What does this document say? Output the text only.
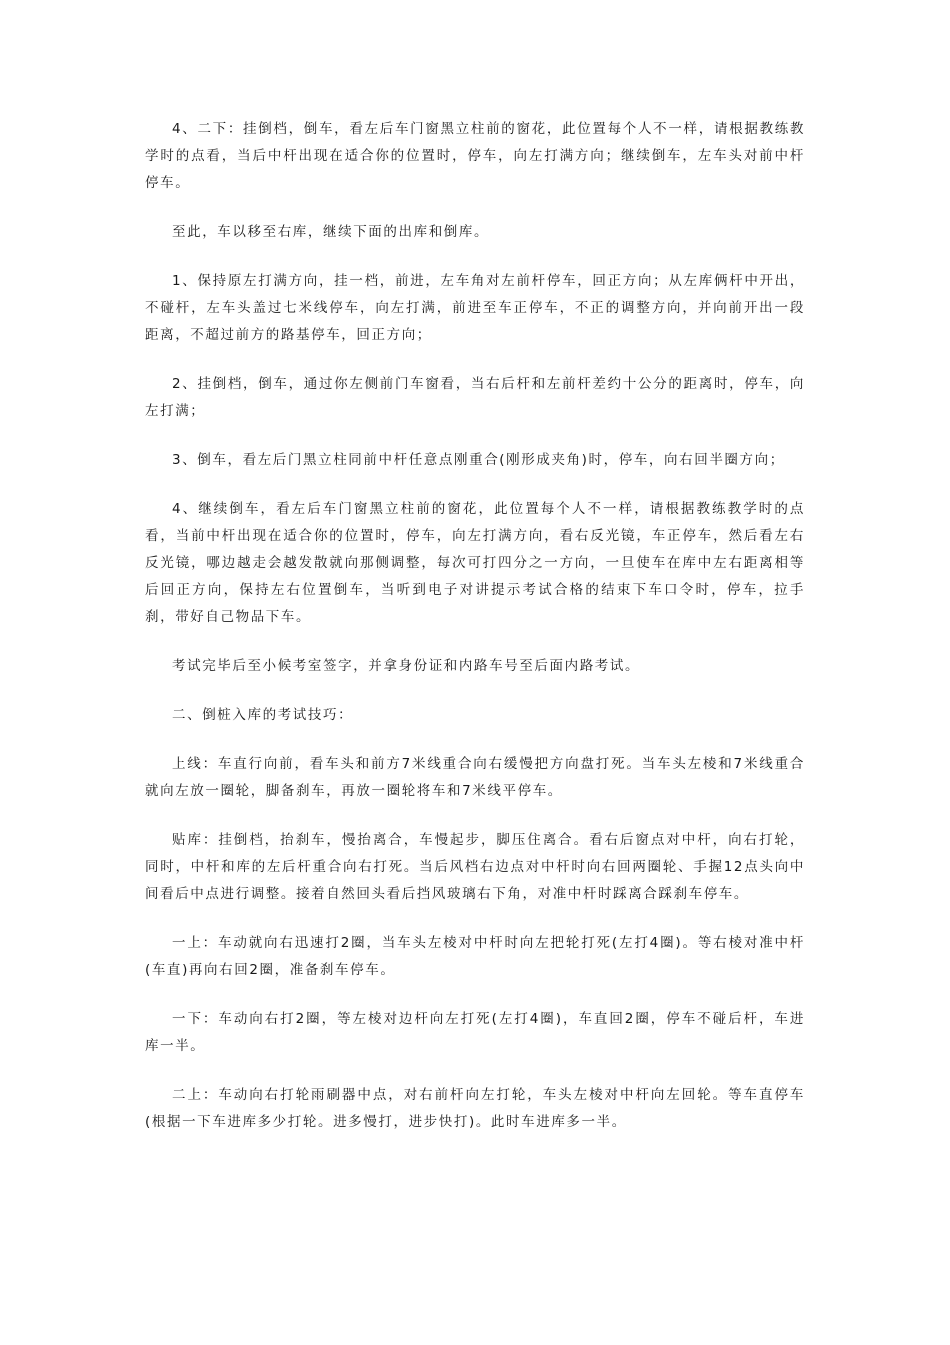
4、二下：挂倒档，倒车，看左后车门窗黑立柱前的窗花，此位置每个人不一样，请根据教练教学时的点看，当后中杆出现在适合你的位置时，停车，向左打满方向；继续倒车，左车头对前中杆停车。

至此，车以移至右库，继续下面的出库和倒库。

1、保持原左打满方向，挂一档，前进，左车角对左前杆停车，回正方向；从左库俩杆中开出，不碰杆，左车头盖过七米线停车，向左打满，前进至车正停车，不正的调整方向，并向前开出一段距离，不超过前方的路基停车，回正方向；

2、挂倒档，倒车，通过你左侧前门车窗看，当右后杆和左前杆差约十公分的距离时，停车，向左打满；

3、倒车，看左后门黑立柱同前中杆任意点刚重合(刚形成夹角)时，停车，向右回半圈方向；

4、继续倒车，看左后车门窗黑立柱前的窗花，此位置每个人不一样，请根据教练教学时的点看，当前中杆出现在适合你的位置时，停车，向左打满方向，看右反光镜，车正停车，然后看左右反光镜，哪边越走会越发散就向那侧调整，每次可打四分之一方向，一旦使车在库中左右距离相等后回正方向，保持左右位置倒车，当听到电子对讲提示考试合格的结束下车口令时，停车，拉手刹，带好自己物品下车。

考试完毕后至小候考室签字，并拿身份证和内路车号至后面内路考试。

二、倒桩入库的考试技巧：

上线：车直行向前，看车头和前方7米线重合向右缓慢把方向盘打死。当车头左棱和7米线重合就向左放一圈轮，脚备刹车，再放一圈轮将车和7米线平停车。

贴库：挂倒档，抬刹车，慢抬离合，车慢起步，脚压住离合。看右后窗点对中杆，向右打轮，同时，中杆和库的左后杆重合向右打死。当后风档右边点对中杆时向右回两圈轮、手握12点头向中间看后中点进行调整。接着自然回头看后挡风玻璃右下角，对准中杆时踩离合踩刹车停车。

一上：车动就向右迅速打2圈，当车头左棱对中杆时向左把轮打死(左打4圈)。等右棱对准中杆(车直)再向右回2圈，准备刹车停车。

一下：车动向右打2圈，等左棱对边杆向左打死(左打4圈)，车直回2圈，停车不碰后杆，车进库一半。

二上：车动向右打轮雨刷器中点，对右前杆向左打轮，车头左棱对中杆向左回轮。等车直停车(根据一下车进库多少打轮。进多慢打，进步快打)。此时车进库多一半。
